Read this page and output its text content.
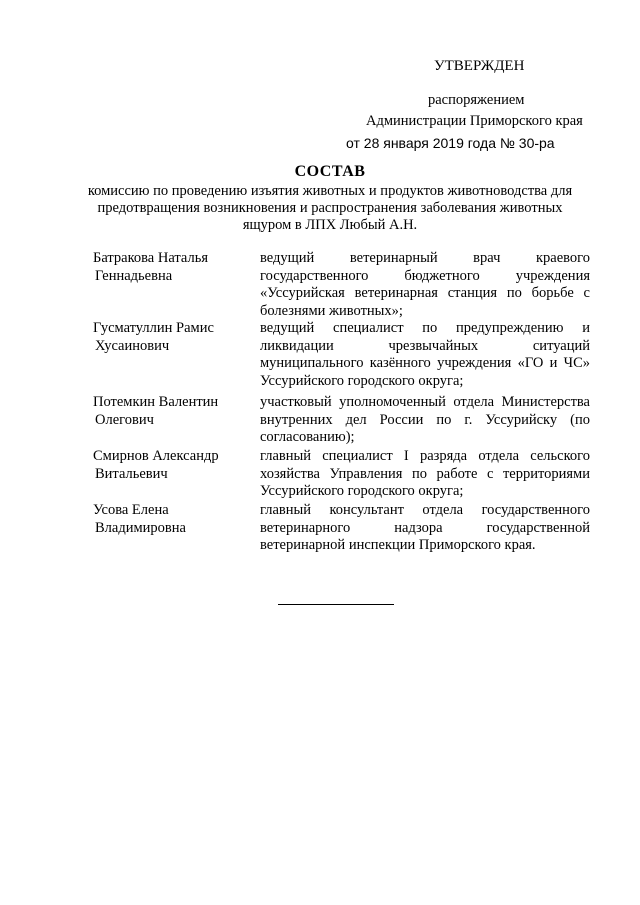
УТВЕРЖДЕН
распоряжением
Администрации Приморского края
от 28 января 2019 года № 30-ра
СОСТАВ
комиссию по проведению изъятия животных и продуктов животноводства для предотвращения возникновения и распространения заболевания животных ящуром в ЛПХ Любый А.Н.
Батракова Наталья
Геннадьевна
ведущий ветеринарный врач краевого государственного бюджетного учреждения «Уссурийская ветеринарная станция по борьбе с болезнями животных»;
Гусматуллин Рамис
Хусаинович
ведущий специалист по предупреждению и ликвидации чрезвычайных ситуаций муниципального казённого учреждения «ГО и ЧС» Уссурийского городского округа;
Потемкин Валентин
Олегович
участковый уполномоченный отдела Министерства внутренних дел России по г. Уссурийску (по согласованию);
Смирнов Александр
Витальевич
главный специалист I разряда отдела сельского хозяйства Управления по работе с территориями Уссурийского городского округа;
Усова Елена
Владимировна
главный консультант отдела государственного ветеринарного надзора государственной ветеринарной инспекции Приморского края.
